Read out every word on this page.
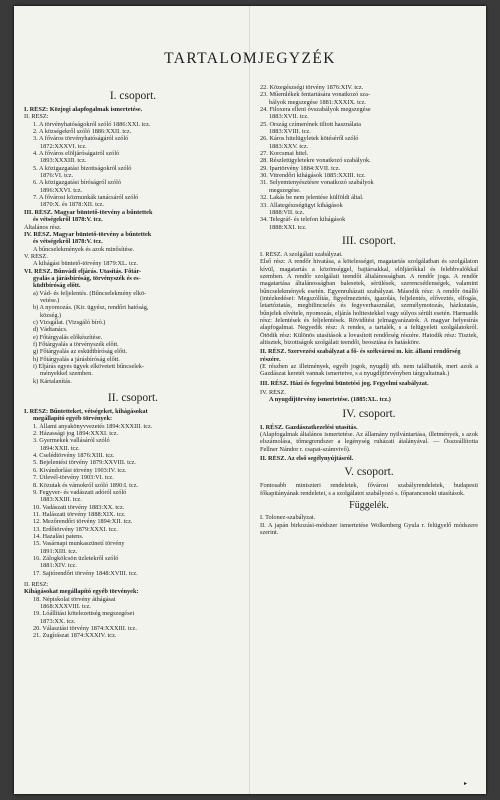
TARTALOMJEGYZÉK
I. csoport.
I. RÉSZ: Közjogi alapfogalmak ismertetése.
II. RÉSZ:
1. A törvényhatóságokról szóló 1886:XXI. tcz.
2. A községekről szóló 1886:XXII. tcz.
3. A főváros törvényhatóságáról szóló
1872:XXXVI. tcz.
4. A főváros elöljáróságairól szóló
1893:XXXIII. tcz.
5. A közigazgatási bizottságokról szóló
1876:VI. tcz.
6. A közigazgatási bíróságról szóló
1896:XXVI. tcz.
7. A fővárosi közmunkák tanácsáról szóló
1870:X. és 1878:XII. tcz.
III. RÉSZ. Magyar büntető-törvény a bűntettek
és vétségekről 1878:V. tcz.
Általános rész.
IV. RÉSZ. Magyar büntető-törvény a bűntettek
és vétségekről 1878:V. tcz.
A bűncselekmények és azok minősítése.
V. RÉSZ.
A kihágási büntető-törvény 1879:XL. tcz.
VI. RÉSZ. Bűnvádi eljárás. Utasítás. Főtár-
gyalás a járásbíróság, törvényszék és es-
küdtbíróság előtt.
a) Vád- és feljelentés. (Bűncselekmény elkö-
vetése.)
b) A nyomozás. (Kir. ügyész, rendőri hatóság,
község.)
c) Vizsgálat. (Vizsgáló bíró.)
d) Vádtanács.
e) Főtárgyalás előkészítése.
f) Főtárgyalás a törvényszék előtt.
g) Főtárgyalás az esküdtbíróság előtt.
h) Főtárgyalás a járásbíróság előtt.
i) Eljárás egyes ügyek elkövetett bűncselek-
ményekkel szemben.
k) Kártalanítás.
II. csoport.
I. RÉSZ: Bűntetteket, vétségeket, kihágásokat
megállapító egyéb törvények:
1. Állami anyakönyvvezetés 1894:XXXIII. tcz.
2. Házassági jog 1894:XXXI. tcz.
3. Gyermekek vallásáról szóló
1894:XXII. tcz.
4. Cselédtörvény 1876:XIII. tcz.
5. Bejelentési törvény 1879:XXVIII. tcz.
6. Kivándorlási törvény 1903:IV. tcz.
7. Útlevél-törvény 1903:VI. tcz.
8. Közutak és vámokról szóló 1890:I. tcz.
9. Fegyver- és vadászati adóról szóló
1883:XXIII. tcz.
10. Vadászati törvény 1883:XX. tcz.
11. Halászati törvény 1888:XIX. tcz.
12. Mezőrendőri törvény 1894:XII. tcz.
13. Erdőtörvény 1879:XXXI. tcz.
14. Hazalási patens.
15. Vasárnapi munkaszünetí törvény
1891:XIII. tcz.
16. Zálogkölcsön üzletekről szóló
1881:XIV. tcz.
17. Sajtórendőri törvény 1848:XVIII. tcz.
II. RÉSZ:
Kihágásokat megállapító egyéb törvények:
18. Népiskolai törvény áthágásai
1868:XXXVIII. tcz.
19. Lóállítási kötelezettség megszegései
1873:XX. tcz.
20. Választási törvény 1874:XXXIII. tcz.
21. Zugírászat 1874:XXXIV. tcz.
22. Közegészségi törvény 1876:XIV. tcz.
23. Műemlékek fentartására vonatkozó sza-
bályok megszegése 1881:XXXIX. tcz.
24. Filoxera elleni óvszabályok megszegése
1883:XVII. tcz.
25. Ország czímerének tiltott használata
1883:XVIII. tcz.
26. Káros hitelügyletek kötéséről szóló
1883:XXV. tcz.
27. Korcsmai hitel.
28. Részletügyletekre vonatkozó szabályok.
29. Ipartörvény 1884:XVII. tcz.
30. Vitrendőri kihágások 1885:XXIII. tcz.
31. Selyemtenyésztésre vonatkozó szabályok
megszegése.
32. Lakás be nem jelentése külföldi által.
33. Állategészségügyi kihágások
1888:VII. tcz.
34. Telegráf- és telefon kihágások
1888:XXI. tcz.
III. csoport.
I. RÉSZ. A szolgálati szabályzat.
Első rész: A rendőr hivatása, a kötelességei, magatartás szolgálatban és szolgálaton kívül, magatartás a közönséggel, bajtársakkal, elöljárókkal és felebbvalókkal szemben. A rendőr szolgálati teendői általánosságban. A rendőr joga. A rendőr magatartása általánosságban balesetek, sérülések, szerencsétlenségek, valamint bűncselekmények esetén. Egyenruházati szabályzat. Második rész: A rendőr önálló (intézkedései: Megszólítás, figyelmeztetés, igazolás, feljelentés, előveztés, elfogás, letartóztatás, megbilincselés és fegyverhasználat, személymotozás, házkutatás, bűnjelek elvétele, nyomozás, eljárás holttestekkel vagy súlyos sérült esetén. Harmadik rész: Jelentések és feljelentések. Rövidítési jelmagyarázatok. A magyar helyesírás alapfogalmai. Negyedik rész: A rendes, a tartalék, s a felügyeleti szolgálatokról. Ötödik rész: Különös utasítások a lovasított rendőrség részére. Hatodik rész: Tisztek, altisztek, bizottságok szolgálati teendői, beosztása és hatásköre.
II. RÉSZ. Szervezési szabályzat a fő- és székvárosi m. kir. államí rendőrség részére.
(E részben az illetmények, egyéb jogok, nyugdíj stb. nem találhatók, mert azok a Gazdászat keretéi vannak ismertetve, s a nyugdíjtörvényben tárgyaltatnak.)
III. RÉSZ. Házi és fegyelmi büntetési jog. Fegyelmi szabályzat.
IV. RÉSZ.
A nyugdíjtörvény ismertetése. (1885:XL. tcz.)
IV. csoport.
I. RÉSZ. Gazdászatkezelési utasítás.
(Alapfogalmak általános ismertetése. Az államány nyilvántartása, illetmények, s azok elszámolása, tőmegrendszer a legénység ruházati átalányával. — Összeállította Fellner Nándor r. csapat-számvivő).
II. RÉSZ. Az első segélynyújtásról.
V. csoport.
Fontosabb miniszteri rendeletek, fővárosi szabályrendeletek, budapesti főkapitányának rendeletei, s a szolgálatot szabályozó s. főparancsnoki utasítások.
Függelék.
I. Tolonez-szabályzat.
II. A japán birkozási-módszer ismertetése Wolkenberg Gyula r. felügyelő módszere szerint.
▸
